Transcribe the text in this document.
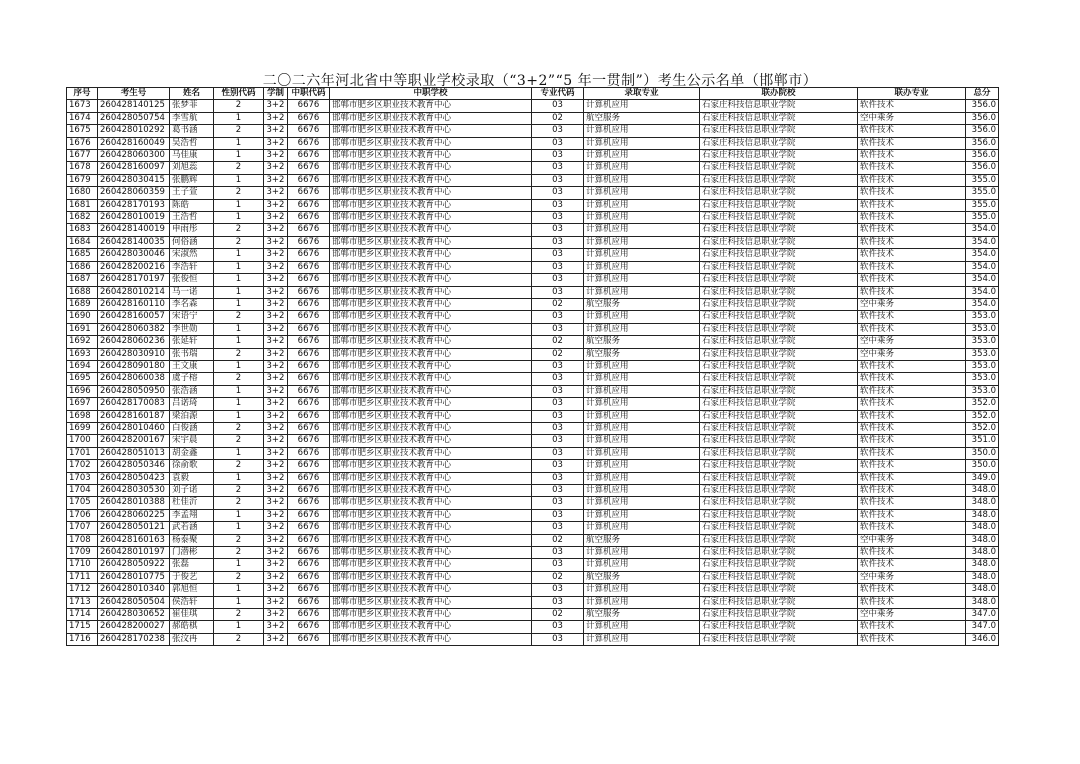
二〇二六年河北省中等职业学校录取（“3+2”“5 年一贯制”）考生公示名单（邯郸市）
序号	考生号	姓名	性别代码	学制	中职代码	中职学校	专业代码	录取专业	联办院校	联办专业	总分
1673	260428140125	张梦菲	2	3+2	6676	邯郸市肥乡区职业技术教育中心	03	计算机应用	石家庄科技信息职业学院	软件技术	356.0
1674	260428050754	李雪航	1	3+2	6676	邯郸市肥乡区职业技术教育中心	02	航空服务	石家庄科技信息职业学院	空中乘务	356.0
1675	260428010292	葛书涵	2	3+2	6676	邯郸市肥乡区职业技术教育中心	03	计算机应用	石家庄科技信息职业学院	软件技术	356.0
1676	260428160049	吴浩哲	1	3+2	6676	邯郸市肥乡区职业技术教育中心	03	计算机应用	石家庄科技信息职业学院	软件技术	356.0
1677	260428060300	马佳康	1	3+2	6676	邯郸市肥乡区职业技术教育中心	03	计算机应用	石家庄科技信息职业学院	软件技术	356.0
1678	260428160097	刘旭蕊	2	3+2	6676	邯郸市肥乡区职业技术教育中心	03	计算机应用	石家庄科技信息职业学院	软件技术	356.0
1679	260428030415	张鹏辉	1	3+2	6676	邯郸市肥乡区职业技术教育中心	03	计算机应用	石家庄科技信息职业学院	软件技术	355.0
1680	260428060359	王子萱	2	3+2	6676	邯郸市肥乡区职业技术教育中心	03	计算机应用	石家庄科技信息职业学院	软件技术	355.0
1681	260428170193	陈皓	1	3+2	6676	邯郸市肥乡区职业技术教育中心	03	计算机应用	石家庄科技信息职业学院	软件技术	355.0
1682	260428010019	王浩哲	1	3+2	6676	邯郸市肥乡区职业技术教育中心	03	计算机应用	石家庄科技信息职业学院	软件技术	355.0
1683	260428140019	申雨彤	2	3+2	6676	邯郸市肥乡区职业技术教育中心	03	计算机应用	石家庄科技信息职业学院	软件技术	354.0
1684	260428140035	何俗涵	2	3+2	6676	邯郸市肥乡区职业技术教育中心	03	计算机应用	石家庄科技信息职业学院	软件技术	354.0
1685	260428030046	宋淑然	1	3+2	6676	邯郸市肥乡区职业技术教育中心	03	计算机应用	石家庄科技信息职业学院	软件技术	354.0
1686	260428200216	李浩轩	1	3+2	6676	邯郸市肥乡区职业技术教育中心	03	计算机应用	石家庄科技信息职业学院	软件技术	354.0
1687	260428170197	张俊恒	1	3+2	6676	邯郸市肥乡区职业技术教育中心	03	计算机应用	石家庄科技信息职业学院	软件技术	354.0
1688	260428010214	马一诺	1	3+2	6676	邯郸市肥乡区职业技术教育中心	03	计算机应用	石家庄科技信息职业学院	软件技术	354.0
1689	260428160110	李名森	1	3+2	6676	邯郸市肥乡区职业技术教育中心	02	航空服务	石家庄科技信息职业学院	空中乘务	354.0
1690	260428160057	宋语宁	2	3+2	6676	邯郸市肥乡区职业技术教育中心	03	计算机应用	石家庄科技信息职业学院	软件技术	353.0
1691	260428060382	李世勋	1	3+2	6676	邯郸市肥乡区职业技术教育中心	03	计算机应用	石家庄科技信息职业学院	软件技术	353.0
1692	260428060236	张延轩	1	3+2	6676	邯郸市肥乡区职业技术教育中心	02	航空服务	石家庄科技信息职业学院	空中乘务	353.0
1693	260428030910	张书瑞	2	3+2	6676	邯郸市肥乡区职业技术教育中心	02	航空服务	石家庄科技信息职业学院	空中乘务	353.0
1694	260428090180	王文康	1	3+2	6676	邯郸市肥乡区职业技术教育中心	03	计算机应用	石家庄科技信息职业学院	软件技术	353.0
1695	260428060038	虞子榕	2	3+2	6676	邯郸市肥乡区职业技术教育中心	03	计算机应用	石家庄科技信息职业学院	软件技术	353.0
1696	260428050950	张浩涵	1	3+2	6676	邯郸市肥乡区职业技术教育中心	03	计算机应用	石家庄科技信息职业学院	软件技术	353.0
1697	260428170083	吕诺琦	1	3+2	6676	邯郸市肥乡区职业技术教育中心	03	计算机应用	石家庄科技信息职业学院	软件技术	352.0
1698	260428160187	梁泊源	1	3+2	6676	邯郸市肥乡区职业技术教育中心	03	计算机应用	石家庄科技信息职业学院	软件技术	352.0
1699	260428010460	白俊涵	2	3+2	6676	邯郸市肥乡区职业技术教育中心	03	计算机应用	石家庄科技信息职业学院	软件技术	352.0
1700	260428200167	宋宇晨	2	3+2	6676	邯郸市肥乡区职业技术教育中心	03	计算机应用	石家庄科技信息职业学院	软件技术	351.0
1701	260428051013	胡金鑫	1	3+2	6676	邯郸市肥乡区职业技术教育中心	03	计算机应用	石家庄科技信息职业学院	软件技术	350.0
1702	260428050346	徐俞歌	2	3+2	6676	邯郸市肥乡区职业技术教育中心	03	计算机应用	石家庄科技信息职业学院	软件技术	350.0
1703	260428050423	袁毅	1	3+2	6676	邯郸市肥乡区职业技术教育中心	03	计算机应用	石家庄科技信息职业学院	软件技术	349.0
1704	260428030530	刘子诺	2	3+2	6676	邯郸市肥乡区职业技术教育中心	03	计算机应用	石家庄科技信息职业学院	软件技术	348.0
1705	260428010388	杜佳沂	2	3+2	6676	邯郸市肥乡区职业技术教育中心	03	计算机应用	石家庄科技信息职业学院	软件技术	348.0
1706	260428060225	李孟翔	1	3+2	6676	邯郸市肥乡区职业技术教育中心	03	计算机应用	石家庄科技信息职业学院	软件技术	348.0
1707	260428050121	武若涵	1	3+2	6676	邯郸市肥乡区职业技术教育中心	03	计算机应用	石家庄科技信息职业学院	软件技术	348.0
1708	260428160163	杨泰聚	2	3+2	6676	邯郸市肥乡区职业技术教育中心	02	航空服务	石家庄科技信息职业学院	空中乘务	348.0
1709	260428010197	门潜彬	2	3+2	6676	邯郸市肥乡区职业技术教育中心	03	计算机应用	石家庄科技信息职业学院	软件技术	348.0
1710	260428050922	张磊	1	3+2	6676	邯郸市肥乡区职业技术教育中心	03	计算机应用	石家庄科技信息职业学院	软件技术	348.0
1711	260428010775	于俊艺	2	3+2	6676	邯郸市肥乡区职业技术教育中心	02	航空服务	石家庄科技信息职业学院	空中乘务	348.0
1712	260428010340	郭旭恒	1	3+2	6676	邯郸市肥乡区职业技术教育中心	03	计算机应用	石家庄科技信息职业学院	软件技术	348.0
1713	260428050504	侯浩轩	1	3+2	6676	邯郸市肥乡区职业技术教育中心	03	计算机应用	石家庄科技信息职业学院	软件技术	348.0
1714	260428030652	崔佳琪	2	3+2	6676	邯郸市肥乡区职业技术教育中心	02	航空服务	石家庄科技信息职业学院	空中乘务	347.0
1715	260428200027	郝皓棋	1	3+2	6676	邯郸市肥乡区职业技术教育中心	03	计算机应用	石家庄科技信息职业学院	软件技术	347.0
1716	260428170238	张汶冉	2	3+2	6676	邯郸市肥乡区职业技术教育中心	03	计算机应用	石家庄科技信息职业学院	软件技术	346.0
